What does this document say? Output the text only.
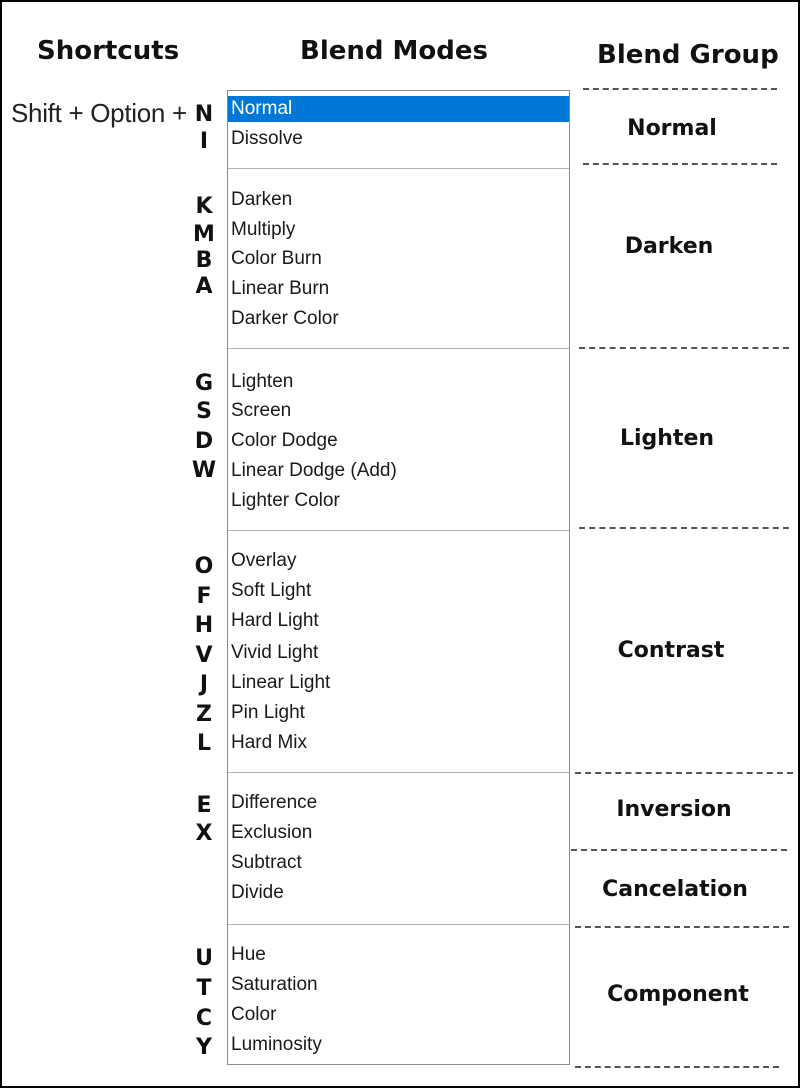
Shortcuts	Blend Modes	Blend Group
Shift + Option + N
I
K
M
B
A
G
S
D
W
O
F
H
V
J
Z
L
E
X
U
T
C
Y
Normal
Dissolve
Darken
Multiply
Color Burn
Linear Burn
Darker Color
Lighten
Screen
Color Dodge
Linear Dodge (Add)
Lighter Color
Overlay
Soft Light
Hard Light
Vivid Light
Linear Light
Pin Light
Hard Mix
Difference
Exclusion
Subtract
Divide
Hue
Saturation
Color
Luminosity
Normal
Darken
Lighten
Contrast
Inversion
Cancelation
Component
